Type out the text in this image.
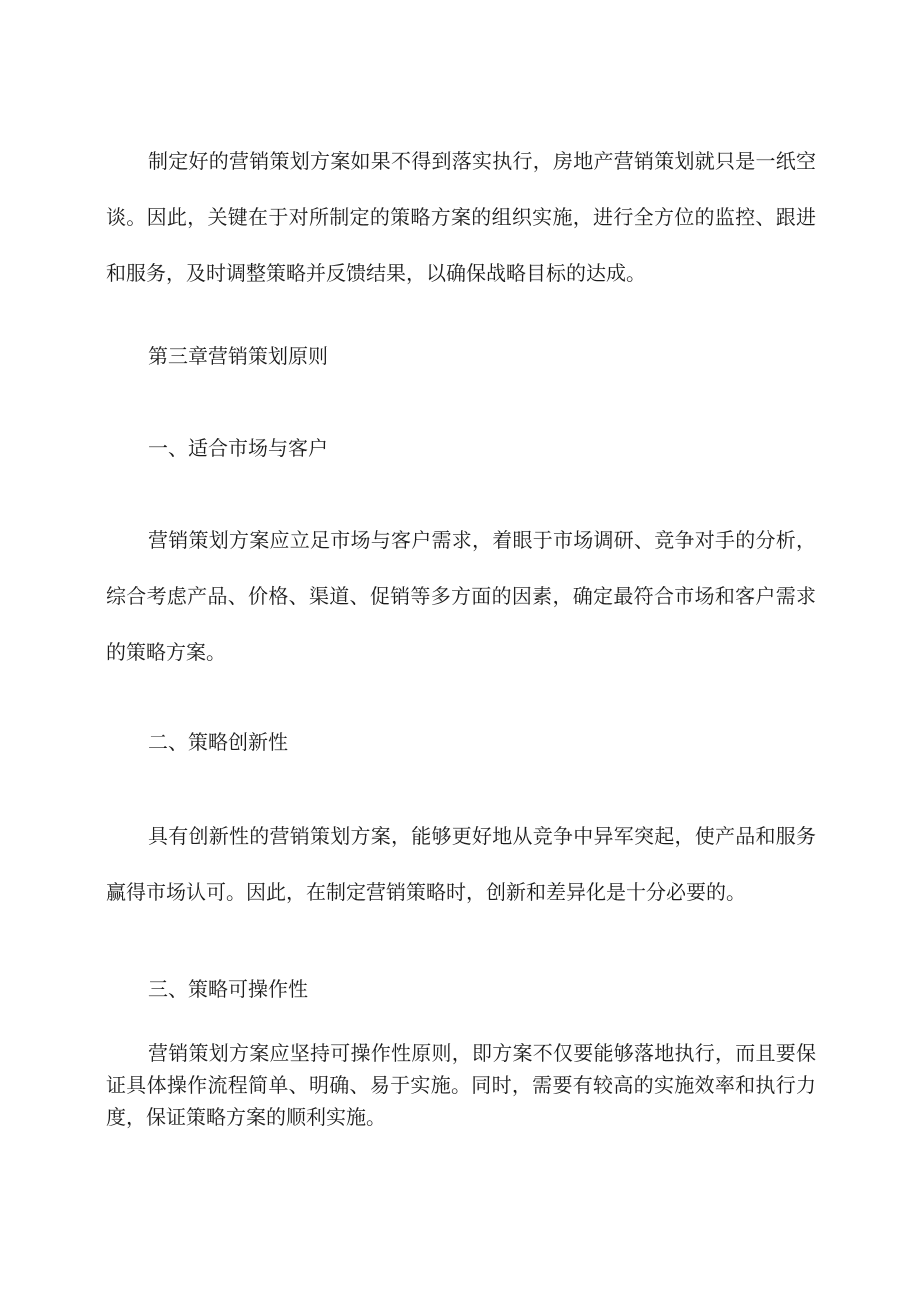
制定好的营销策划方案如果不得到落实执行，房地产营销策划就只是一纸空谈。因此，关键在于对所制定的策略方案的组织实施，进行全方位的监控、跟进和服务，及时调整策略并反馈结果，以确保战略目标的达成。

第三章营销策划原则

一、适合市场与客户

营销策划方案应立足市场与客户需求，着眼于市场调研、竞争对手的分析，综合考虑产品、价格、渠道、促销等多方面的因素，确定最符合市场和客户需求的策略方案。

二、策略创新性

具有创新性的营销策划方案，能够更好地从竞争中异军突起，使产品和服务赢得市场认可。因此，在制定营销策略时，创新和差异化是十分必要的。

三、策略可操作性

营销策划方案应坚持可操作性原则，即方案不仅要能够落地执行，而且要保证具体操作流程简单、明确、易于实施。同时，需要有较高的实施效率和执行力度，保证策略方案的顺利实施。
